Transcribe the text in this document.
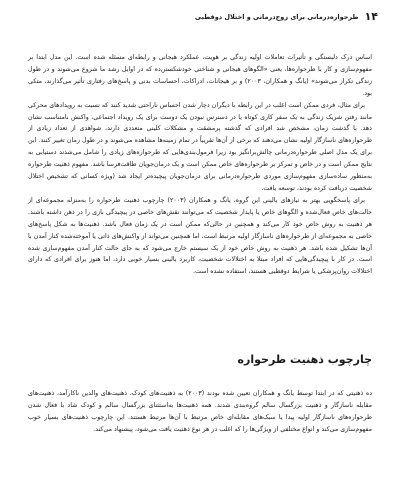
۱۴
طرحواره‌درمانی برای زوج‌درمانی و اختلال دوقطبی

اساس درک دلبستگی و تأثیرات تعاملات اولیه زندگی بر هویت، عملکرد هیجانی و رابطه‌ای مسئله شده است. این مدل ابتدا بر مفهوم‌سازی و کار با طرحواره‌ها، یعنی «الگوهای هیجانی و شناختی خودشکستن‌ده که در اوایل رشد ما شروع می‌شوند و در طول زندگی تکرار می‌شوند» (یانگ و همکاران، ۲۰۰۳) و بر هیجانات، ادراکات، احساسات بدنی و پاسخ‌های رفتاری تأثیر می‌گذارند، متکی بود.

برای مثال، فردی ممکن است اغلب در این رابطه با دیگران دچار شدن احساس ناراحتی شدید کنند که نسبت به رویدادهای محرکی مانند رفتن شریک زندگی به یک سفر کاری کوتاه یا در دسترس نبودن یک دوست برای یک رویداد اجتماعی، واکنش نامتناسب نشان دهد. با گذشت زمان، مشخص شد افرادی که گذشته پرمشقت و مشکلات کلینی متعددی دارند، شواهدی از تعداد زیادی از طرحواره‌های ناسازگار اولیه نشان می‌دهند که برخی از آن‌ها تقریباً در تمام زمینه‌ها مشاهده می‌شوند و در طول زمان تغییر کنند. این برای یک مدل اصلی طرحواره‌درمانی چالش‌برانگیز بود زیرا فرمول‌بندی‌هایی که طرحواره‌های زیادی را شامل می‌شدند دستیابی به نتایج ممکن است و در خاص و تمرکز بر طرحواره‌های خاص ممکن است و یک درمان‌جویان طاقت‌فرسا باشد. مفهوم ذهنیت طرحواره به‌منظور ساده‌سازی مفهوم‌سازی موردی طرحواره‌درمانی برای درمان‌جویان پیچیده‌تر ایجاد شد (ویژه کسانی که تشخیص اختلال شخصیت دریافت کرده بودند، توسعه یافت.

برای پاسخگویی بهتر به نیازهای بالینی این گروه، یانگ و همکاران (۲۰۰۳) چارچوب ذهنیت طرحواره را به‌منزله مجموعه‌ای از حالت‌های خاص فعال‌شده و الگوهای خاص یا پایدار شخصیت که می‌توانند نقش‌های خاصی در پیچیدگی بازی را در ذهن داشته باشند. هر ذهنیت به روش خاص خود کار می‌کند و همچنین در حالی‌که ممکن است در یک زمان فعال باشد. ذهنیت‌ها به شکل پاسخ‌های خاصی به مجموعه‌ای از طرحواره‌های ناسازگار اولیه مرتبط است، اما همچنین می‌تواند از واکنش‌های ذاتی یا آموخته‌شده کنار آمدن با آن‌ها تشکیل شده باشد. هر ذهنیت به روش خاص خود از یک سیستم خارج می‌شود که به جای حالت کنار آمدن مفهوم‌سازی شده است. در کار با پیچیدگی‌هایی که افراد مبتلا به اختلالات شخصیت، کاربرد بالینی بسیار خوبی دارد، اما هنوز برای افرادی که دارای اختلالات روان‌پزشکی یا شرایط دوقطبی هستند، استفاده نشده است.

چارچوب ذهنیت طرحواره

ده ذهنیتی که در ابتدا توسط یانگ و همکاران تعیین شده بودند (۲۰۰۳) به ذهنیت‌های کودک، ذهنیت‌های والدین ناکارآمد، ذهنیت‌های مقابله ناسازگار و ذهنیت بزرگسال سالم گروه‌بندی شدند. همه ذهنیت‌ها به‌استثنای بزرگسال سالم و کودک شاد با فعال شدن طرحواره‌های ناسازگار اولیه پیدا یا سبک‌های مقابله‌ای خاص مرتبط با آن‌ها مرتبط هستند. این چارچوب ذهنیت‌های بسیار خوب مفهوم‌سازی می‌کند و انواع مختلفی از ویژگی‌ها را که اغلب در هر نوع ذهنیت یافت می‌شود، پیشنهاد می‌کند.
